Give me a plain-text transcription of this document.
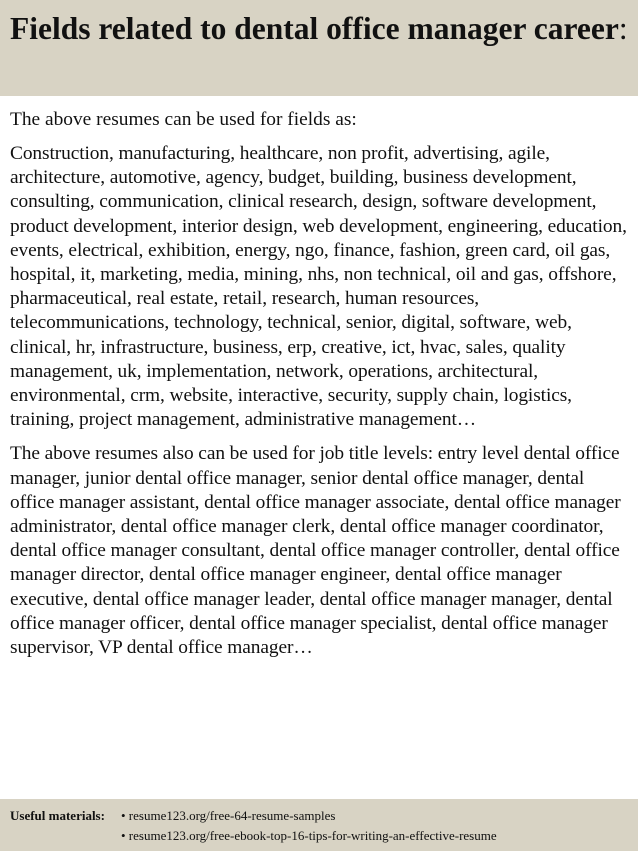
Fields related to dental office manager career:

The above resumes can be used for fields as:

Construction, manufacturing, healthcare, non profit, advertising, agile, architecture, automotive, agency, budget, building, business development, consulting, communication, clinical research, design, software development, product development, interior design, web development, engineering, education, events, electrical, exhibition, energy, ngo, finance, fashion, green card, oil gas, hospital, it, marketing, media, mining, nhs, non technical, oil and gas, offshore, pharmaceutical, real estate, retail, research, human resources, telecommunications, technology, technical, senior, digital, software, web, clinical, hr, infrastructure, business, erp, creative, ict, hvac, sales, quality management, uk, implementation, network, operations, architectural, environmental, crm, website, interactive, security, supply chain, logistics, training, project management, administrative management…

The above resumes also can be used for job title levels: entry level dental office manager, junior dental office manager, senior dental office manager, dental office manager assistant, dental office manager associate, dental office manager administrator, dental office manager clerk, dental office manager coordinator, dental office manager consultant, dental office manager controller, dental office manager director, dental office manager engineer, dental office manager executive, dental office manager leader, dental office manager manager, dental office manager officer, dental office manager specialist, dental office manager supervisor, VP dental office manager…

Useful materials:	• resume123.org/free-64-resume-samples
• resume123.org/free-ebook-top-16-tips-for-writing-an-effective-resume
